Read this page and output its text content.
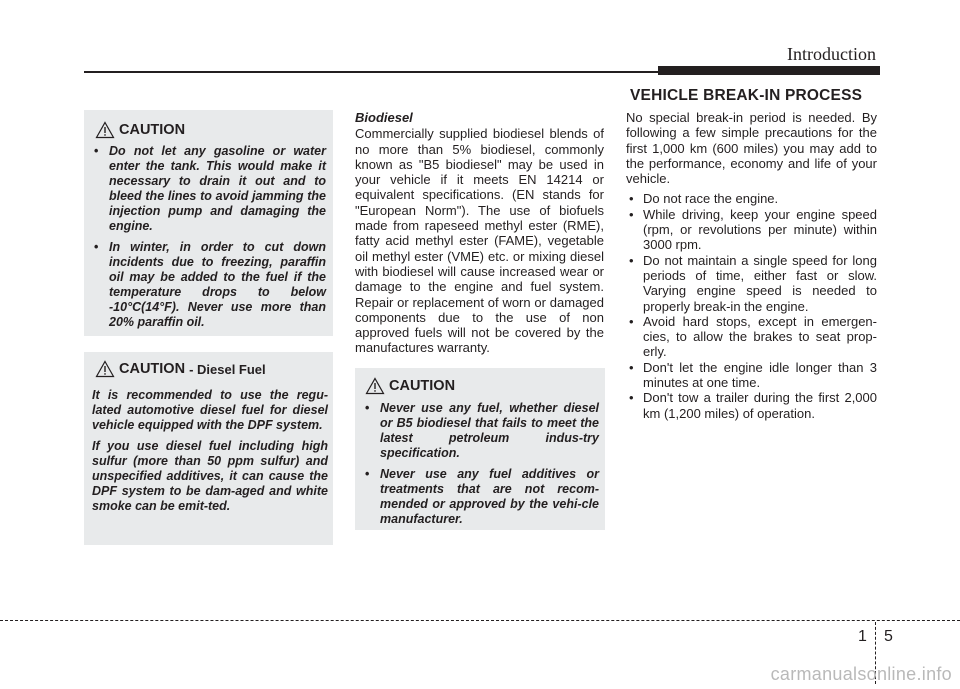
Introduction
VEHICLE BREAK-IN PROCESS
CAUTION
• Do not let any gasoline or water enter the tank. This would make it necessary to drain it out and to bleed the lines to avoid jamming the injection pump and damaging the engine.
• In winter, in order to cut down incidents due to freezing, paraffin oil may be added to the fuel if the temperature drops to below -10°C(14°F). Never use more than 20% paraffin oil.
CAUTION - Diesel Fuel

It is recommended to use the regu-lated automotive diesel fuel for diesel vehicle equipped with the DPF system.

If you use diesel fuel including high sulfur (more than 50 ppm sulfur) and unspecified additives, it can cause the DPF system to be dam-aged and white smoke can be emit-ted.

Biodiesel

Commercially supplied biodiesel blends of no more than 5% biodiesel, commonly known as "B5 biodiesel" may be used in your vehicle if it meets EN 14214 or equivalent specifications. (EN stands for "European Norm"). The use of biofuels made from rapeseed methyl ester (RME), fatty acid methyl ester (FAME), vegetable oil methyl ester (VME) etc. or mixing diesel with biodiesel will cause increased wear or damage to the engine and fuel system. Repair or replacement of worn or damaged components due to the use of non approved fuels will not be covered by the manufactures warranty.

CAUTION
• Never use any fuel, whether diesel or B5 biodiesel that fails to meet the latest petroleum indus-try specification.
• Never use any fuel additives or treatments that are not recom-mended or approved by the vehi-cle manufacturer.

No special break-in period is needed. By following a few simple precautions for the first 1,000 km (600 miles) you may add to the performance, economy and life of your vehicle.

• Do not race the engine.
• While driving, keep your engine speed (rpm, or revolutions per minute) within 3000 rpm.
• Do not maintain a single speed for long periods of time, either fast or slow. Varying engine speed is needed to properly break-in the engine.
• Avoid hard stops, except in emergen-cies, to allow the brakes to seat prop-erly.
• Don't let the engine idle longer than 3 minutes at one time.
• Don't tow a trailer during the first 2,000 km (1,200 miles) of operation.
1 5
carmanualsonline.info
